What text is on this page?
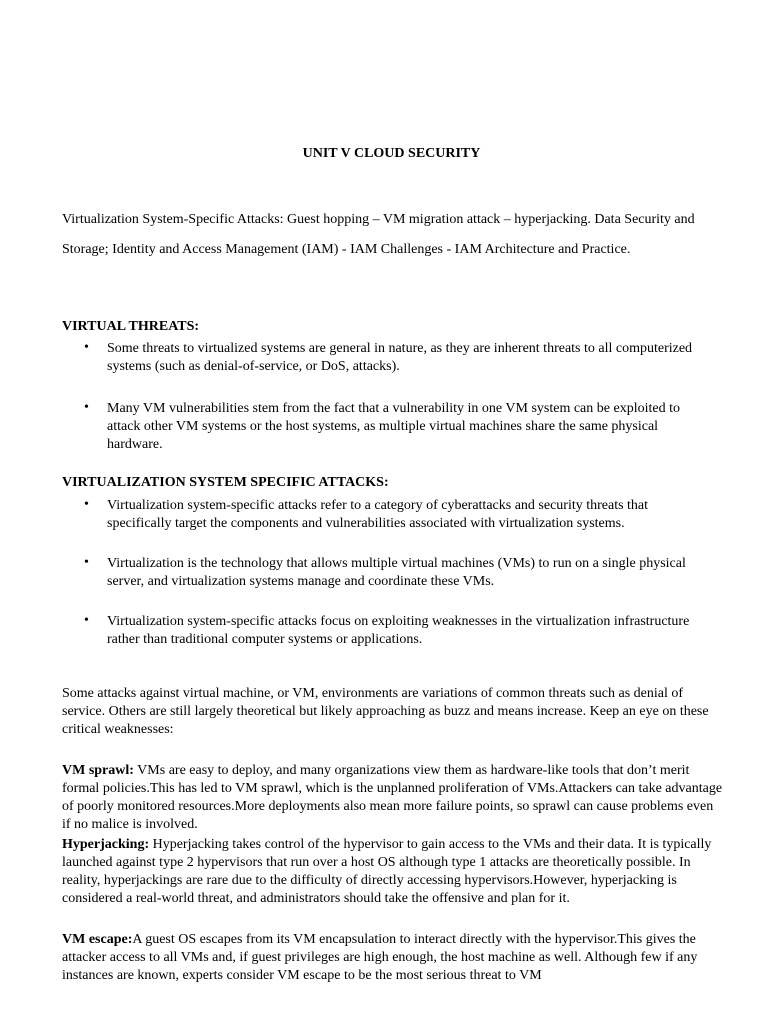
UNIT V CLOUD SECURITY
Virtualization System-Specific Attacks: Guest hopping – VM migration attack – hyperjacking. Data Security and Storage; Identity and Access Management (IAM) - IAM Challenges - IAM Architecture and Practice.
VIRTUAL THREATS:
• Some threats to virtualized systems are general in nature, as they are inherent threats to all computerized systems (such as denial-of-service, or DoS, attacks).
• Many VM vulnerabilities stem from the fact that a vulnerability in one VM system can be exploited to attack other VM systems or the host systems, as multiple virtual machines share the same physical hardware.
VIRTUALIZATION SYSTEM SPECIFIC ATTACKS:
• Virtualization system-specific attacks refer to a category of cyberattacks and security threats that specifically target the components and vulnerabilities associated with virtualization systems.
• Virtualization is the technology that allows multiple virtual machines (VMs) to run on a single physical server, and virtualization systems manage and coordinate these VMs.
• Virtualization system-specific attacks focus on exploiting weaknesses in the virtualization infrastructure rather than traditional computer systems or applications.

Some attacks against virtual machine, or VM, environments are variations of common threats such as denial of service. Others are still largely theoretical but likely approaching as buzz and means increase. Keep an eye on these critical weaknesses:

VM sprawl: VMs are easy to deploy, and many organizations view them as hardware-like tools that don’t merit formal policies.This has led to VM sprawl, which is the unplanned proliferation of VMs.Attackers can take advantage of poorly monitored resources.More deployments also mean more failure points, so sprawl can cause problems even if no malice is involved.

Hyperjacking: Hyperjacking takes control of the hypervisor to gain access to the VMs and their data. It is typically launched against type 2 hypervisors that run over a host OS although type 1 attacks are theoretically possible. In reality, hyperjackings are rare due to the difficulty of directly accessing hypervisors.However, hyperjacking is considered a real-world threat, and administrators should take the offensive and plan for it.

VM escape:A guest OS escapes from its VM encapsulation to interact directly with the hypervisor.This gives the attacker access to all VMs and, if guest privileges are high enough, the host machine as well. Although few if any instances are known, experts consider VM escape to be the most serious threat to VM
